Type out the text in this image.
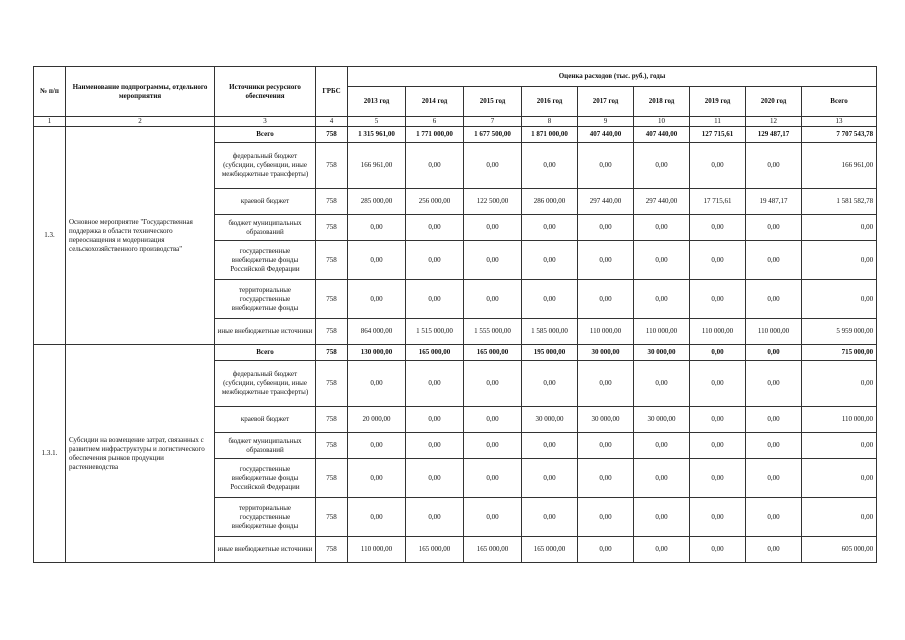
№ п/п	Наименование подпрограммы, отдельного мероприятия	Источники ресурсного обеспечения	ГРБС	Оценка расходов (тыс. руб.), годы								
				2013 год	2014 год	2015 год	2016 год	2017 год	2018 год	2019 год	2020 год	Всего
1	2	3	4	5	6	7	8	9	10	11	12	13
1.3.	Основное мероприятие "Государственная поддержка в области технического переоснащения и модернизация сельскохозяйственного производства"	Всего	758	1 315 961,00	1 771 000,00	1 677 500,00	1 871 000,00	407 440,00	407 440,00	127 715,61	129 487,17	7 707 543,78
		федеральный бюджет (субсидии, субвенции, иные межбюджетные трансферты)	758	166 961,00	0,00	0,00	0,00	0,00	0,00	0,00	0,00	166 961,00
		краевой бюджет	758	285 000,00	256 000,00	122 500,00	286 000,00	297 440,00	297 440,00	17 715,61	19 487,17	1 581 582,78
		бюджет муниципальных образований	758	0,00	0,00	0,00	0,00	0,00	0,00	0,00	0,00	0,00
		государственные внебюджетные фонды Российской Федерации	758	0,00	0,00	0,00	0,00	0,00	0,00	0,00	0,00	0,00
		территориальные государственные внебюджетные фонды	758	0,00	0,00	0,00	0,00	0,00	0,00	0,00	0,00	0,00
		иные внебюджетные источники	758	864 000,00	1 515 000,00	1 555 000,00	1 585 000,00	110 000,00	110 000,00	110 000,00	110 000,00	5 959 000,00
1.3.1.	Субсидии на возмещение затрат, связанных с развитием инфраструктуры и логистического обеспечения рынков продукции растениеводства	Всего	758	130 000,00	165 000,00	165 000,00	195 000,00	30 000,00	30 000,00	0,00	0,00	715 000,00
		федеральный бюджет (субсидии, субвенции, иные межбюджетные трансферты)	758	0,00	0,00	0,00	0,00	0,00	0,00	0,00	0,00	0,00
		краевой бюджет	758	20 000,00	0,00	0,00	30 000,00	30 000,00	30 000,00	0,00	0,00	110 000,00
		бюджет муниципальных образований	758	0,00	0,00	0,00	0,00	0,00	0,00	0,00	0,00	0,00
		государственные внебюджетные фонды Российской Федерации	758	0,00	0,00	0,00	0,00	0,00	0,00	0,00	0,00	0,00
		территориальные государственные внебюджетные фонды	758	0,00	0,00	0,00	0,00	0,00	0,00	0,00	0,00	0,00
		иные внебюджетные источники	758	110 000,00	165 000,00	165 000,00	165 000,00	0,00	0,00	0,00	0,00	605 000,00
